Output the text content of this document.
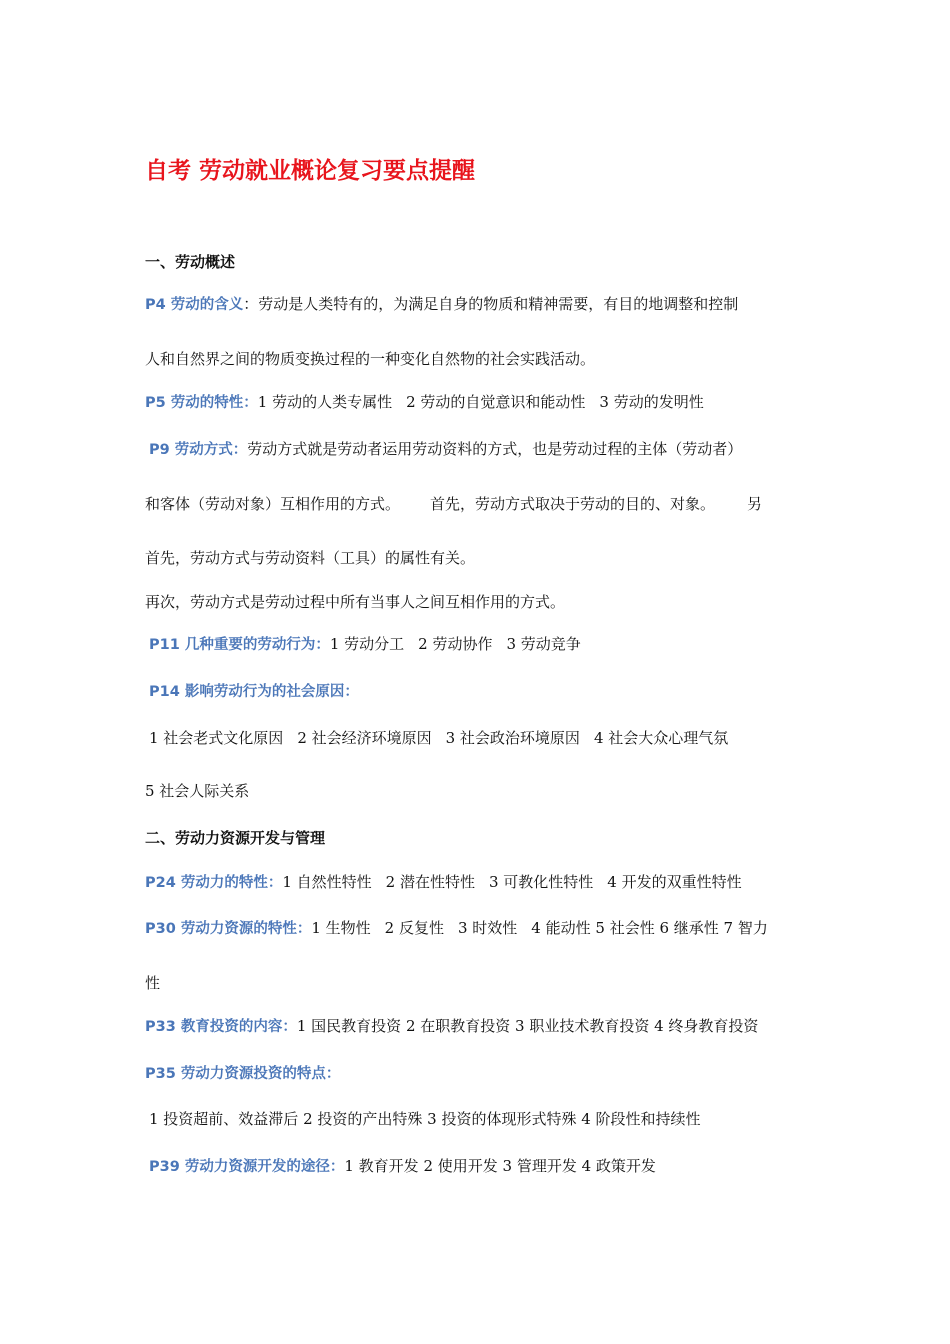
自考 劳动就业概论复习要点提醒
一、劳动概述
P4 劳动的含义：劳动是人类特有的，为满足自身的物质和精神需要，有目的地调整和控制
人和自然界之间的物质变换过程的一种变化自然物的社会实践活动。
P5 劳动的特性：1 劳动的人类专属性 2 劳动的自觉意识和能动性 3 劳动的发明性
P9 劳动方式：劳动方式就是劳动者运用劳动资料的方式，也是劳动过程的主体（劳动者）
和客体（劳动对象）互相作用的方式。 首先，劳动方式取决于劳动的目的、对象。 另
首先，劳动方式与劳动资料（工具）的属性有关。
再次，劳动方式是劳动过程中所有当事人之间互相作用的方式。
P11 几种重要的劳动行为：1 劳动分工 2 劳动协作 3 劳动竞争
P14 影响劳动行为的社会原因：
1 社会老式文化原因 2 社会经济环境原因 3 社会政治环境原因 4 社会大众心理气氛
5 社会人际关系
二、劳动力资源开发与管理
P24 劳动力的特性：1 自然性特性 2 潜在性特性 3 可教化性特性 4 开发的双重性特性
P30 劳动力资源的特性：1 生物性 2 反复性 3 时效性 4 能动性 5 社会性 6 继承性 7 智力
性
P33 教育投资的内容：1 国民教育投资 2 在职教育投资 3 职业技术教育投资 4 终身教育投资
P35 劳动力资源投资的特点：
1 投资超前、效益滞后 2 投资的产出特殊 3 投资的体现形式特殊 4 阶段性和持续性
P39 劳动力资源开发的途径：1 教育开发 2 使用开发 3 管理开发 4 政策开发
